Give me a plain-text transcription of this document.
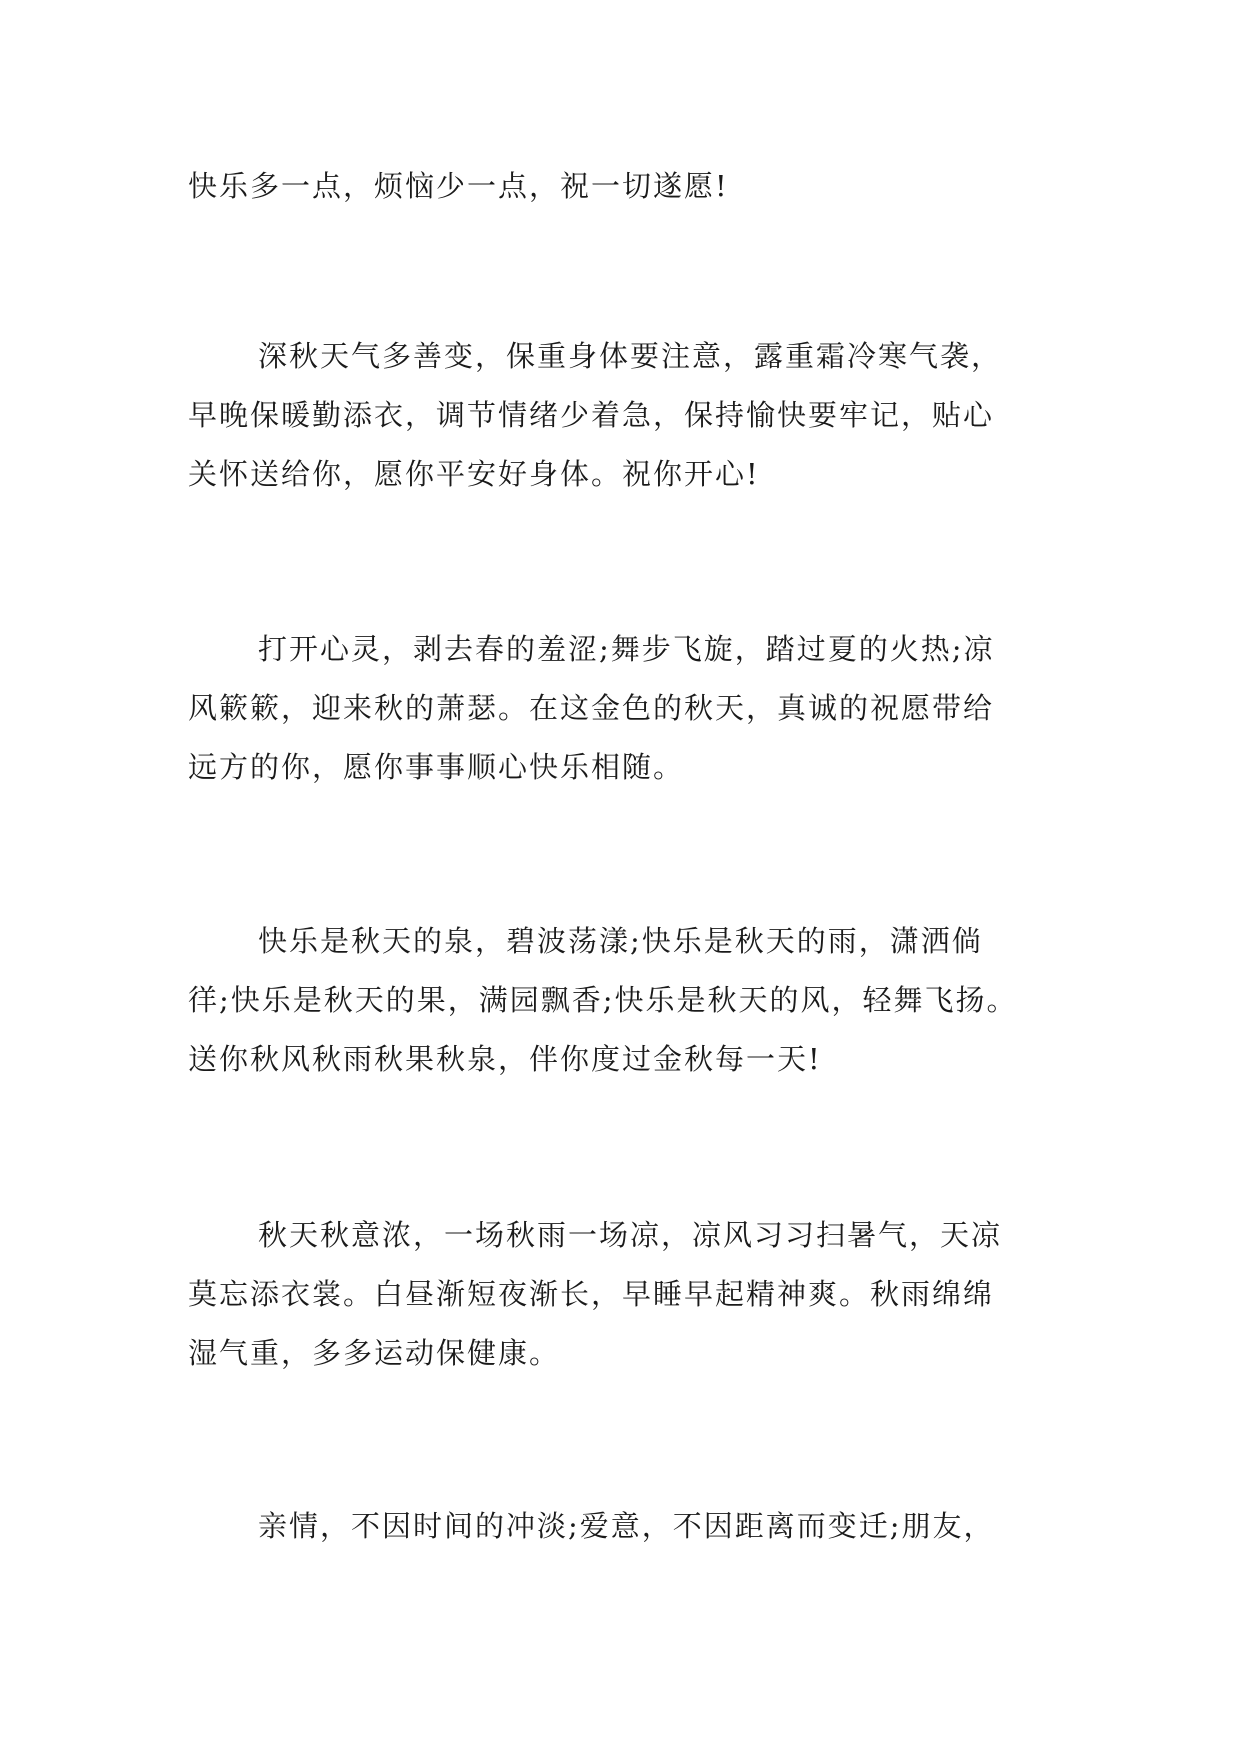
快乐多一点，烦恼少一点，祝一切遂愿!

深秋天气多善变，保重身体要注意，露重霜冷寒气袭，
早晚保暖勤添衣，调节情绪少着急，保持愉快要牢记，贴心
关怀送给你，愿你平安好身体。祝你开心!

打开心灵，剥去春的羞涩;舞步飞旋，踏过夏的火热;凉
风簌簌，迎来秋的萧瑟。在这金色的秋天，真诚的祝愿带给
远方的你，愿你事事顺心快乐相随。

快乐是秋天的泉，碧波荡漾;快乐是秋天的雨，潇洒倘
徉;快乐是秋天的果，满园飘香;快乐是秋天的风，轻舞飞扬。
送你秋风秋雨秋果秋泉，伴你度过金秋每一天!

秋天秋意浓，一场秋雨一场凉，凉风习习扫暑气，天凉
莫忘添衣裳。白昼渐短夜渐长，早睡早起精神爽。秋雨绵绵
湿气重，多多运动保健康。

亲情，不因时间的冲淡;爱意，不因距离而变迁;朋友，
